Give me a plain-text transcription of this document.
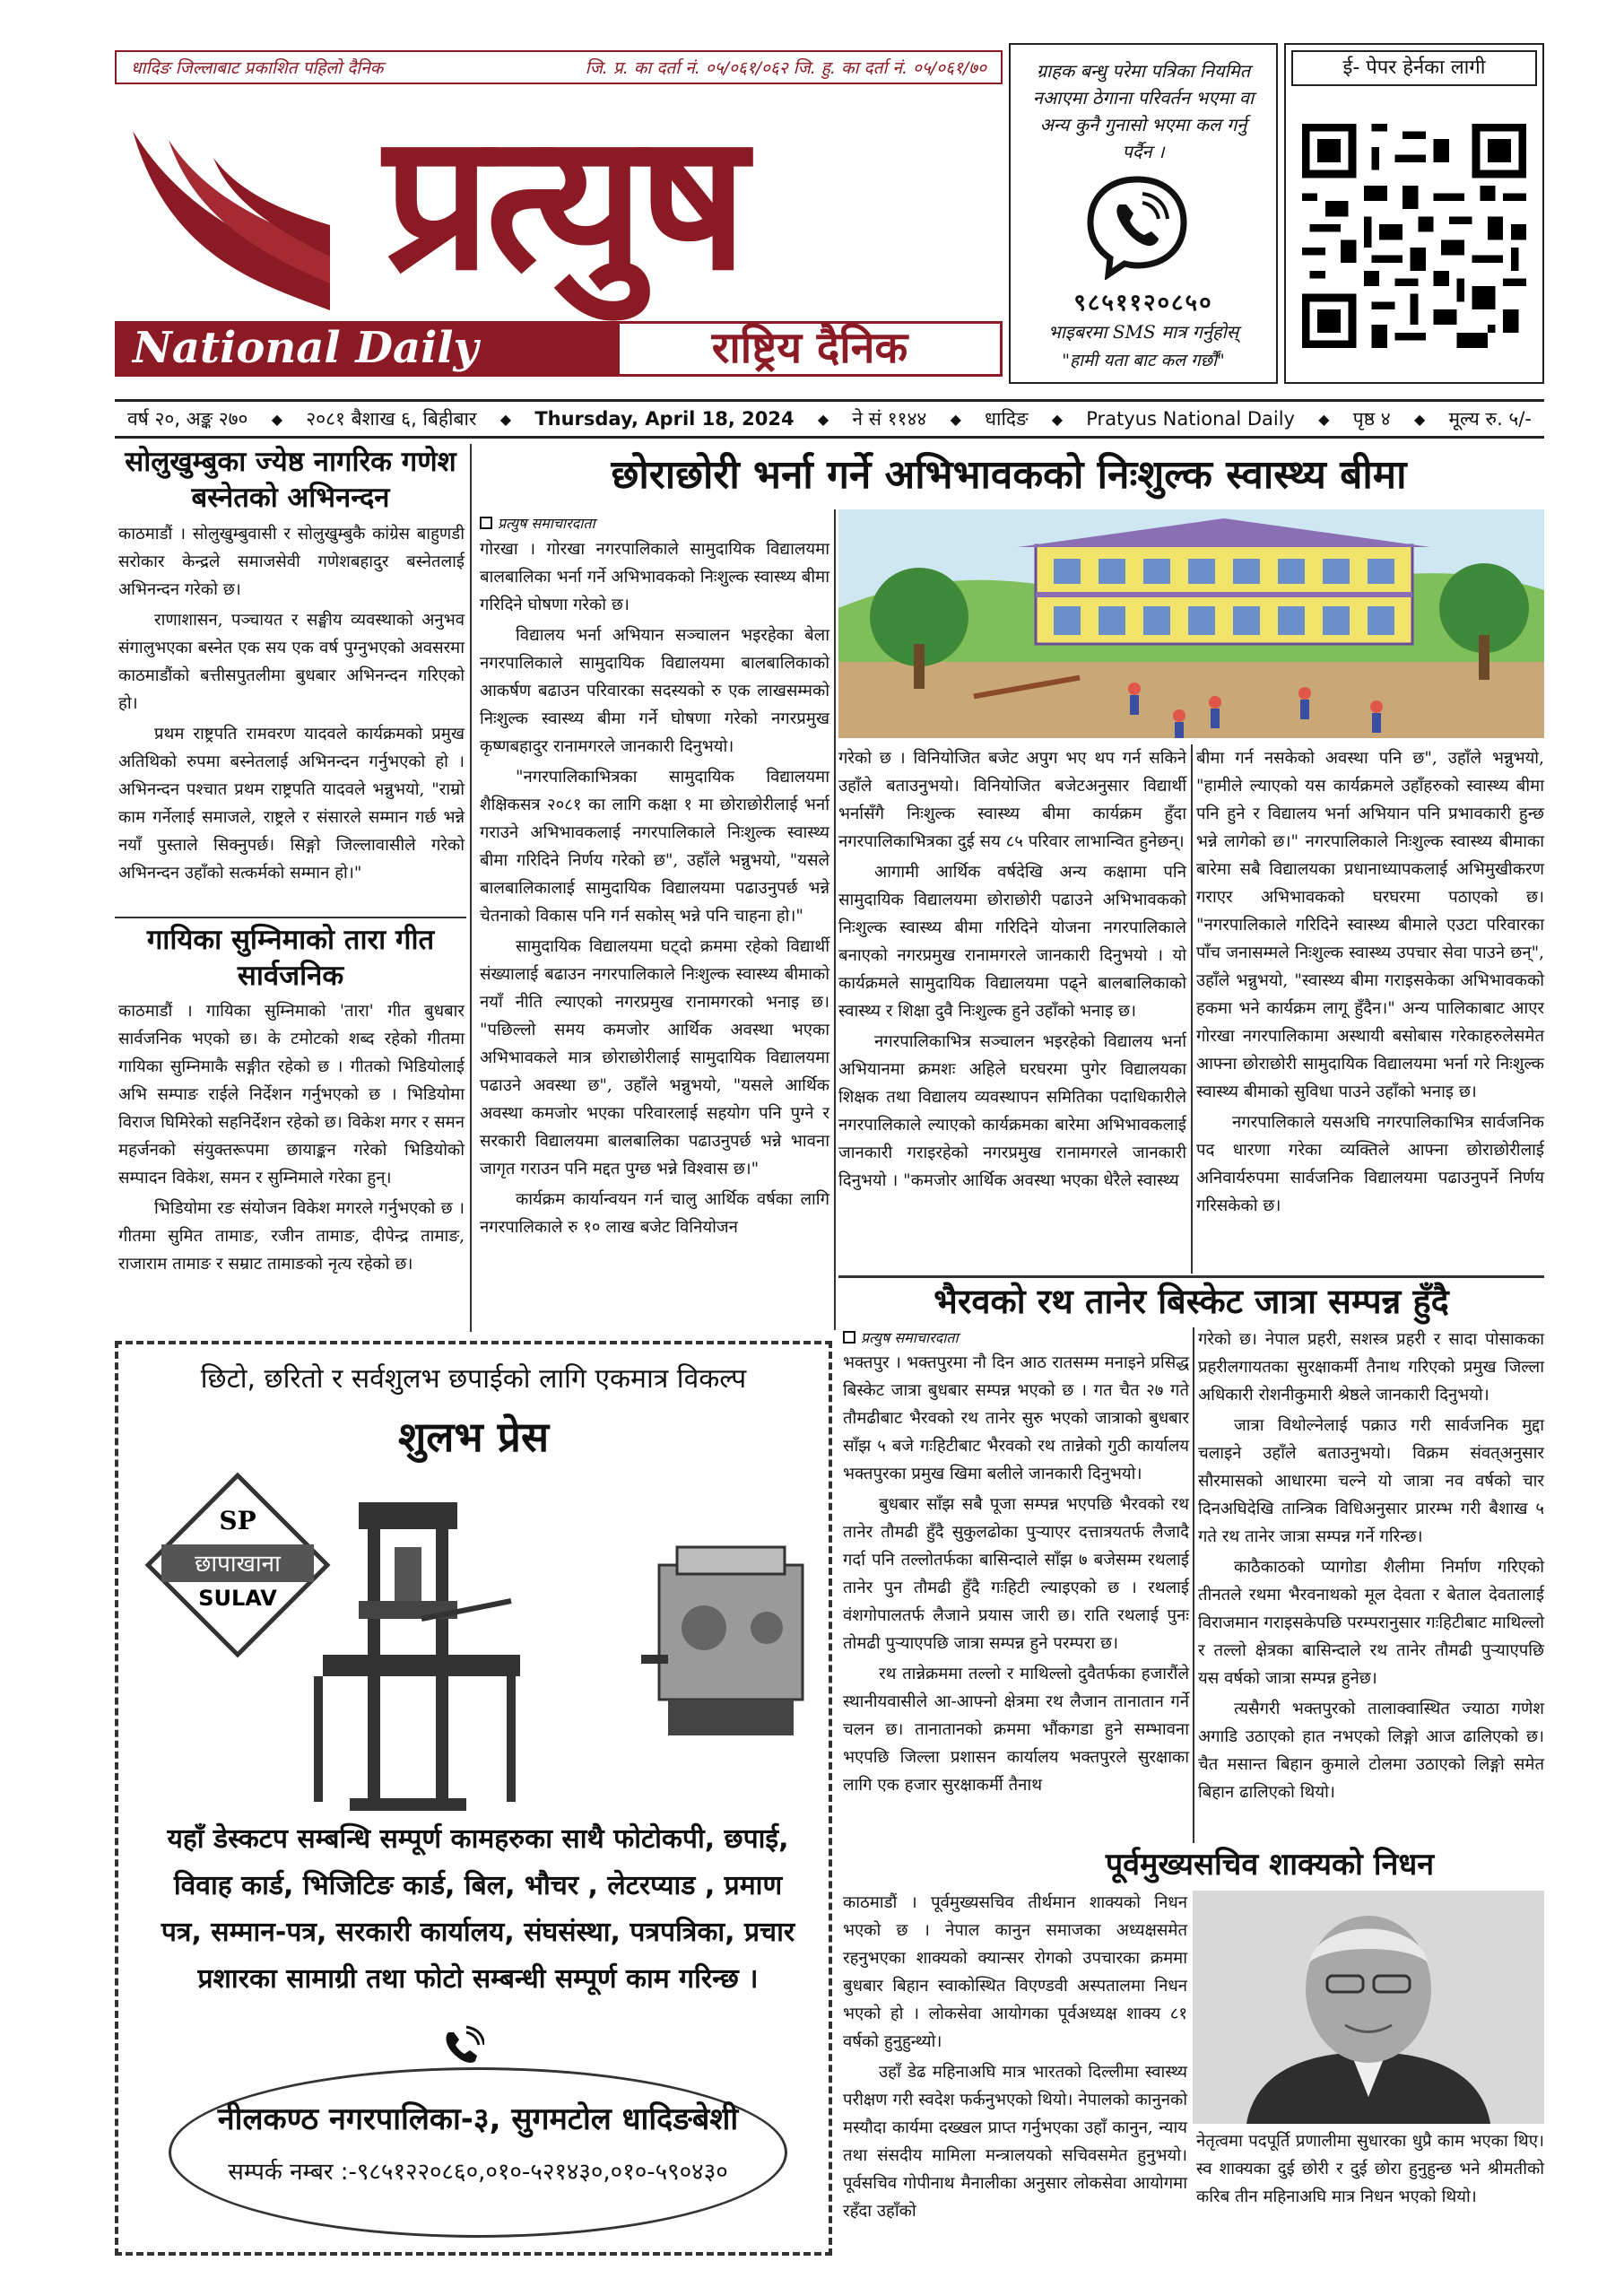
धादिङ जिल्लाबाट प्रकाशित पहिलो दैनिक	जि. प्र. का दर्ता नं. ०५/०६१/०६२ जि. हु. का दर्ता नं. ०५/०६१/७०
प्रत्युष
National Daily	राष्ट्रिय दैनिक
ग्राहक बन्धु परेमा पत्रिका नियमित नआएमा ठेगाना परिवर्तन भएमा वा अन्य कुनै गुनासो भएमा कल गर्नु पर्दैन ।
९८५११२०८५०
भाइबरमा SMS मात्र गर्नुहोस्
"हामी यता बाट कल गर्छौं"
ई- पेपर हेर्नका लागी
वर्ष २०, अङ्क २७० ◆ २०८१ बैशाख ६, बिहीबार ◆ Thursday, April 18, 2024 ◆ ने सं ११४४ ◆ धादिङ ◆ Pratyus National Daily ◆ पृष्ठ ४ ◆ मूल्य रु. ५/-
सोलुखुम्बुका ज्येष्ठ नागरिक गणेश बस्नेतको अभिनन्दन

काठमाडौं । सोलुखुम्बुवासी र सोलुखुम्बुकै कांग्रेस बाहुणडी सरोकार केन्द्रले समाजसेवी गणेशबहादुर बस्नेतलाई अभिनन्दन गरेको छ।

राणाशासन, पञ्चायत र सङ्घीय व्यवस्थाको अनुभव संगालुभएका बस्नेत एक सय एक वर्ष पुग्नुभएको अवसरमा काठमाडौंको बत्तीसपुतलीमा बुधबार अभिनन्दन गरिएको हो।

प्रथम राष्ट्रपति रामवरण यादवले कार्यक्रमको प्रमुख अतिथिको रुपमा बस्नेतलाई अभिनन्दन गर्नुभएको हो । अभिनन्दन पश्चात प्रथम राष्ट्रपति यादवले भन्नुभयो, "राम्रो काम गर्नेलाई समाजले, राष्ट्रले र संसारले सम्मान गर्छ भन्ने नयाँ पुस्ताले सिक्नुपर्छ। सिङ्गो जिल्लावासीले गरेको अभिनन्दन उहाँको सत्कर्मको सम्मान हो।"

गायिका सुम्निमाको तारा गीत सार्वजनिक

काठमाडौं । गायिका सुम्निमाको 'तारा' गीत बुधबार सार्वजनिक भएको छ। के टमोटको शब्द रहेको गीतमा गायिका सुम्निमाकै सङ्गीत रहेको छ । गीतको भिडियोलाई अभि सम्पाङ राईले निर्देशन गर्नुभएको छ । भिडियोमा विराज घिमिरेको सहनिर्देशन रहेको छ। विकेश मगर र समन महर्जनको संयुक्तरूपमा छायाङ्कन गरेको भिडियोको सम्पादन विकेश, समन र सुम्निमाले गरेका हुन्।

भिडियोमा रङ संयोजन विकेश मगरले गर्नुभएको छ । गीतमा सुमित तामाङ, रजीन तामाङ, दीपेन्द्र तामाङ, राजाराम तामाङ र सम्राट तामाङको नृत्य रहेको छ।

छोराछोरी भर्ना गर्ने अभिभावकको निःशुल्क स्वास्थ्य बीमा
प्रत्युष समाचारदाता

गोरखा । गोरखा नगरपालिकाले सामुदायिक विद्यालयमा बालबालिका भर्ना गर्ने अभिभावकको निःशुल्क स्वास्थ्य बीमा गरिदिने घोषणा गरेको छ।

विद्यालय भर्ना अभियान सञ्चालन भइरहेका बेला नगरपालिकाले सामुदायिक विद्यालयमा बालबालिकाको आकर्षण बढाउन परिवारका सदस्यको रु एक लाखसम्मको निःशुल्क स्वास्थ्य बीमा गर्ने घोषणा गरेको नगरप्रमुख कृष्णबहादुर रानामगरले जानकारी दिनुभयो।

"नगरपालिकाभित्रका सामुदायिक विद्यालयमा शैक्षिकसत्र २०८१ का लागि कक्षा १ मा छोराछोरीलाई भर्ना गराउने अभिभावकलाई नगरपालिकाले निःशुल्क स्वास्थ्य बीमा गरिदिने निर्णय गरेको छ", उहाँले भन्नुभयो, "यसले बालबालिकालाई सामुदायिक विद्यालयमा पढाउनुपर्छ भन्ने चेतनाको विकास पनि गर्न सकोस् भन्ने पनि चाहना हो।"

सामुदायिक विद्यालयमा घट्दो क्रममा रहेको विद्यार्थी संख्यालाई बढाउन नगरपालिकाले निःशुल्क स्वास्थ्य बीमाको नयाँ नीति ल्याएको नगरप्रमुख रानामगरको भनाइ छ। "पछिल्लो समय कमजोर आर्थिक अवस्था भएका अभिभावकले मात्र छोराछोरीलाई सामुदायिक विद्यालयमा पढाउने अवस्था छ", उहाँले भन्नुभयो, "यसले आर्थिक अवस्था कमजोर भएका परिवारलाई सहयोग पनि पुग्ने र सरकारी विद्यालयमा बालबालिका पढाउनुपर्छ भन्ने भावना जागृत गराउन पनि मद्दत पुग्छ भन्ने विश्वास छ।"

कार्यक्रम कार्यान्वयन गर्न चालु आर्थिक वर्षका लागि नगरपालिकाले रु १० लाख बजेट विनियोजन

गरेको छ । विनियोजित बजेट अपुग भए थप गर्न सकिने उहाँले बताउनुभयो। विनियोजित बजेटअनुसार विद्यार्थी भर्नासँगै निःशुल्क स्वास्थ्य बीमा कार्यक्रम हुँदा नगरपालिकाभित्रका दुई सय ८५ परिवार लाभान्वित हुनेछन्।

आगामी आर्थिक वर्षदेखि अन्य कक्षामा पनि सामुदायिक विद्यालयमा छोराछोरी पढाउने अभिभावकको निःशुल्क स्वास्थ्य बीमा गरिदिने योजना नगरपालिकाले बनाएको नगरप्रमुख रानामगरले जानकारी दिनुभयो । यो कार्यक्रमले सामुदायिक विद्यालयमा पढ्ने बालबालिकाको स्वास्थ्य र शिक्षा दुवै निःशुल्क हुने उहाँको भनाइ छ।

नगरपालिकाभित्र सञ्चालन भइरहेको विद्यालय भर्ना अभियानमा क्रमशः अहिले घरघरमा पुगेर विद्यालयका शिक्षक तथा विद्यालय व्यवस्थापन समितिका पदाधिकारीले नगरपालिकाले ल्याएको कार्यक्रमका बारेमा अभिभावकलाई जानकारी गराइरहेको नगरप्रमुख रानामगरले जानकारी दिनुभयो । "कमजोर आर्थिक अवस्था भएका धेरैले स्वास्थ्य

बीमा गर्न नसकेको अवस्था पनि छ", उहाँले भन्नुभयो, "हामीले ल्याएको यस कार्यक्रमले उहाँहरुको स्वास्थ्य बीमा पनि हुने र विद्यालय भर्ना अभियान पनि प्रभावकारी हुन्छ भन्ने लागेको छ।" नगरपालिकाले निःशुल्क स्वास्थ्य बीमाका बारेमा सबै विद्यालयका प्रधानाध्यापकलाई अभिमुखीकरण गराएर अभिभावकको घरघरमा पठाएको छ। "नगरपालिकाले गरिदिने स्वास्थ्य बीमाले एउटा परिवारका पाँच जनासम्मले निःशुल्क स्वास्थ्य उपचार सेवा पाउने छन्", उहाँले भन्नुभयो, "स्वास्थ्य बीमा गराइसकेका अभिभावकको हकमा भने कार्यक्रम लागू हुँदैन।" अन्य पालिकाबाट आएर गोरखा नगरपालिकामा अस्थायी बसोबास गरेकाहरुलेसमेत आफ्ना छोराछोरी सामुदायिक विद्यालयमा भर्ना गरे निःशुल्क स्वास्थ्य बीमाको सुविधा पाउने उहाँको भनाइ छ।

नगरपालिकाले यसअघि नगरपालिकाभित्र सार्वजनिक पद धारणा गरेका व्यक्तिले आफ्ना छोराछोरीलाई अनिवार्यरुपमा सार्वजनिक विद्यालयमा पढाउनुपर्ने निर्णय गरिसकेको छ।

भैरवको रथ तानेर बिस्केट जात्रा सम्पन्न हुँदै
प्रत्युष समाचारदाता

भक्तपुर । भक्तपुरमा नौ दिन आठ रातसम्म मनाइने प्रसिद्ध बिस्केट जात्रा बुधबार सम्पन्न भएको छ । गत चैत २७ गते तौमढीबाट भैरवको रथ तानेर सुरु भएको जात्राको बुधबार साँझ ५ बजे गःहिटीबाट भैरवको रथ तान्नेको गुठी कार्यालय भक्तपुरका प्रमुख खिमा बलीले जानकारी दिनुभयो।

बुधबार साँझ सबै पूजा सम्पन्न भएपछि भैरवको रथ तानेर तौमढी हुँदै सुकुलढोका पुऱ्याएर दत्तात्रयतर्फ लैजादै गर्दा पनि तल्लोतर्फका बासिन्दाले साँझ ७ बजेसम्म रथलाई तानेर पुन तौमढी हुँदै गःहिटी ल्याइएको छ । रथलाई वंशगोपालतर्फ लैजाने प्रयास जारी छ। राति रथलाई पुनः तोमढी पुऱ्याएपछि जात्रा सम्पन्न हुने परम्परा छ।

रथ तान्नेक्रममा तल्लो र माथिल्लो दुवैतर्फका हजारौंले स्थानीयवासीले आ-आफ्नो क्षेत्रमा रथ लैजान तानातान गर्ने चलन छ। तानातानको क्रममा भौंकगडा हुने सम्भावना भएपछि जिल्ला प्रशासन कार्यालय भक्तपुरले सुरक्षाका लागि एक हजार सुरक्षाकर्मी तैनाथ

गरेको छ। नेपाल प्रहरी, सशस्त्र प्रहरी र सादा पोसाकका प्रहरीलगायतका सुरक्षाकर्मी तैनाथ गरिएको प्रमुख जिल्ला अधिकारी रोशनीकुमारी श्रेष्ठले जानकारी दिनुभयो।

जात्रा विथोल्नेलाई पक्राउ गरी सार्वजनिक मुद्दा चलाइने उहाँले बताउनुभयो। विक्रम संवत्अनुसार सौरमासको आधारमा चल्ने यो जात्रा नव वर्षको चार दिनअघिदेखि तान्त्रिक विधिअनुसार प्रारम्भ गरी बैशाख ५ गते रथ तानेर जात्रा सम्पन्न गर्ने गरिन्छ।

काठैकाठको प्यागोडा शैलीमा निर्माण गरिएको तीनतले रथमा भैरवनाथको मूल देवता र बेताल देवतालाई विराजमान गराइसकेपछि परम्परानुसार गःहिटीबाट माथिल्लो र तल्लो क्षेत्रका बासिन्दाले रथ तानेर तौमढी पुऱ्याएपछि यस वर्षको जात्रा सम्पन्न हुनेछ।

त्यसैगरी भक्तपुरको तालाक्वास्थित ज्याठा गणेश अगाडि उठाएको हात नभएको लिङ्गो आज ढालिएको छ। चैत मसान्त बिहान कुमाले टोलमा उठाएको लिङ्गो समेत बिहान ढालिएको थियो।

पूर्वमुख्यसचिव शाक्यको निधन

काठमाडौं । पूर्वमुख्यसचिव तीर्थमान शाक्यको निधन भएको छ । नेपाल कानुन समाजका अध्यक्षसमेत रहनुभएका शाक्यको क्यान्सर रोगको उपचारका क्रममा बुधबार बिहान स्वाकोस्थित विएण्डवी अस्पतालमा निधन भएको हो । लोकसेवा आयोगका पूर्वअध्यक्ष शाक्य ८१ वर्षको हुनुहुन्थ्यो।

उहाँ डेढ महिनाअघि मात्र भारतको दिल्लीमा स्वास्थ्य परीक्षण गरी स्वदेश फर्कनुभएको थियो। नेपालको कानुनको मस्यौदा कार्यमा दख्खल प्राप्त गर्नुभएका उहाँ कानुन, न्याय तथा संसदीय मामिला मन्त्रालयको सचिवसमेत हुनुभयो। पूर्वसचिव गोपीनाथ मैनालीका अनुसार लोकसेवा आयोगमा रहँदा उहाँको

नेतृत्वमा पदपूर्ति प्रणालीमा सुधारका धुप्रै काम भएका थिए। स्व शाक्यका दुई छोरी र दुई छोरा हुनुहुन्छ भने श्रीमतीको करिब तीन महिनाअघि मात्र निधन भएको थियो।

छिटो, छरितो र सर्वशुलभ छपाईको लागि एकमात्र विकल्प
शुलभ प्रेस
SP
छापाखाना
SULAV
यहाँ डेस्कटप सम्बन्धि सम्पूर्ण कामहरुका साथै फोटोकपी, छपाई, विवाह कार्ड, भिजिटिङ कार्ड, बिल, भौचर , लेटरप्याड , प्रमाण पत्र, सम्मान-पत्र, सरकारी कार्यालय, संघसंस्था, पत्रपत्रिका, प्रचार प्रशारका सामाग्री तथा फोटो सम्बन्धी सम्पूर्ण काम गरिन्छ ।
नीलकण्ठ नगरपालिका-३, सुगमटोल धादिङबेशी
सम्पर्क नम्बर :-९८५१२२०८६०,०१०-५२१४३०,०१०-५९०४३०
